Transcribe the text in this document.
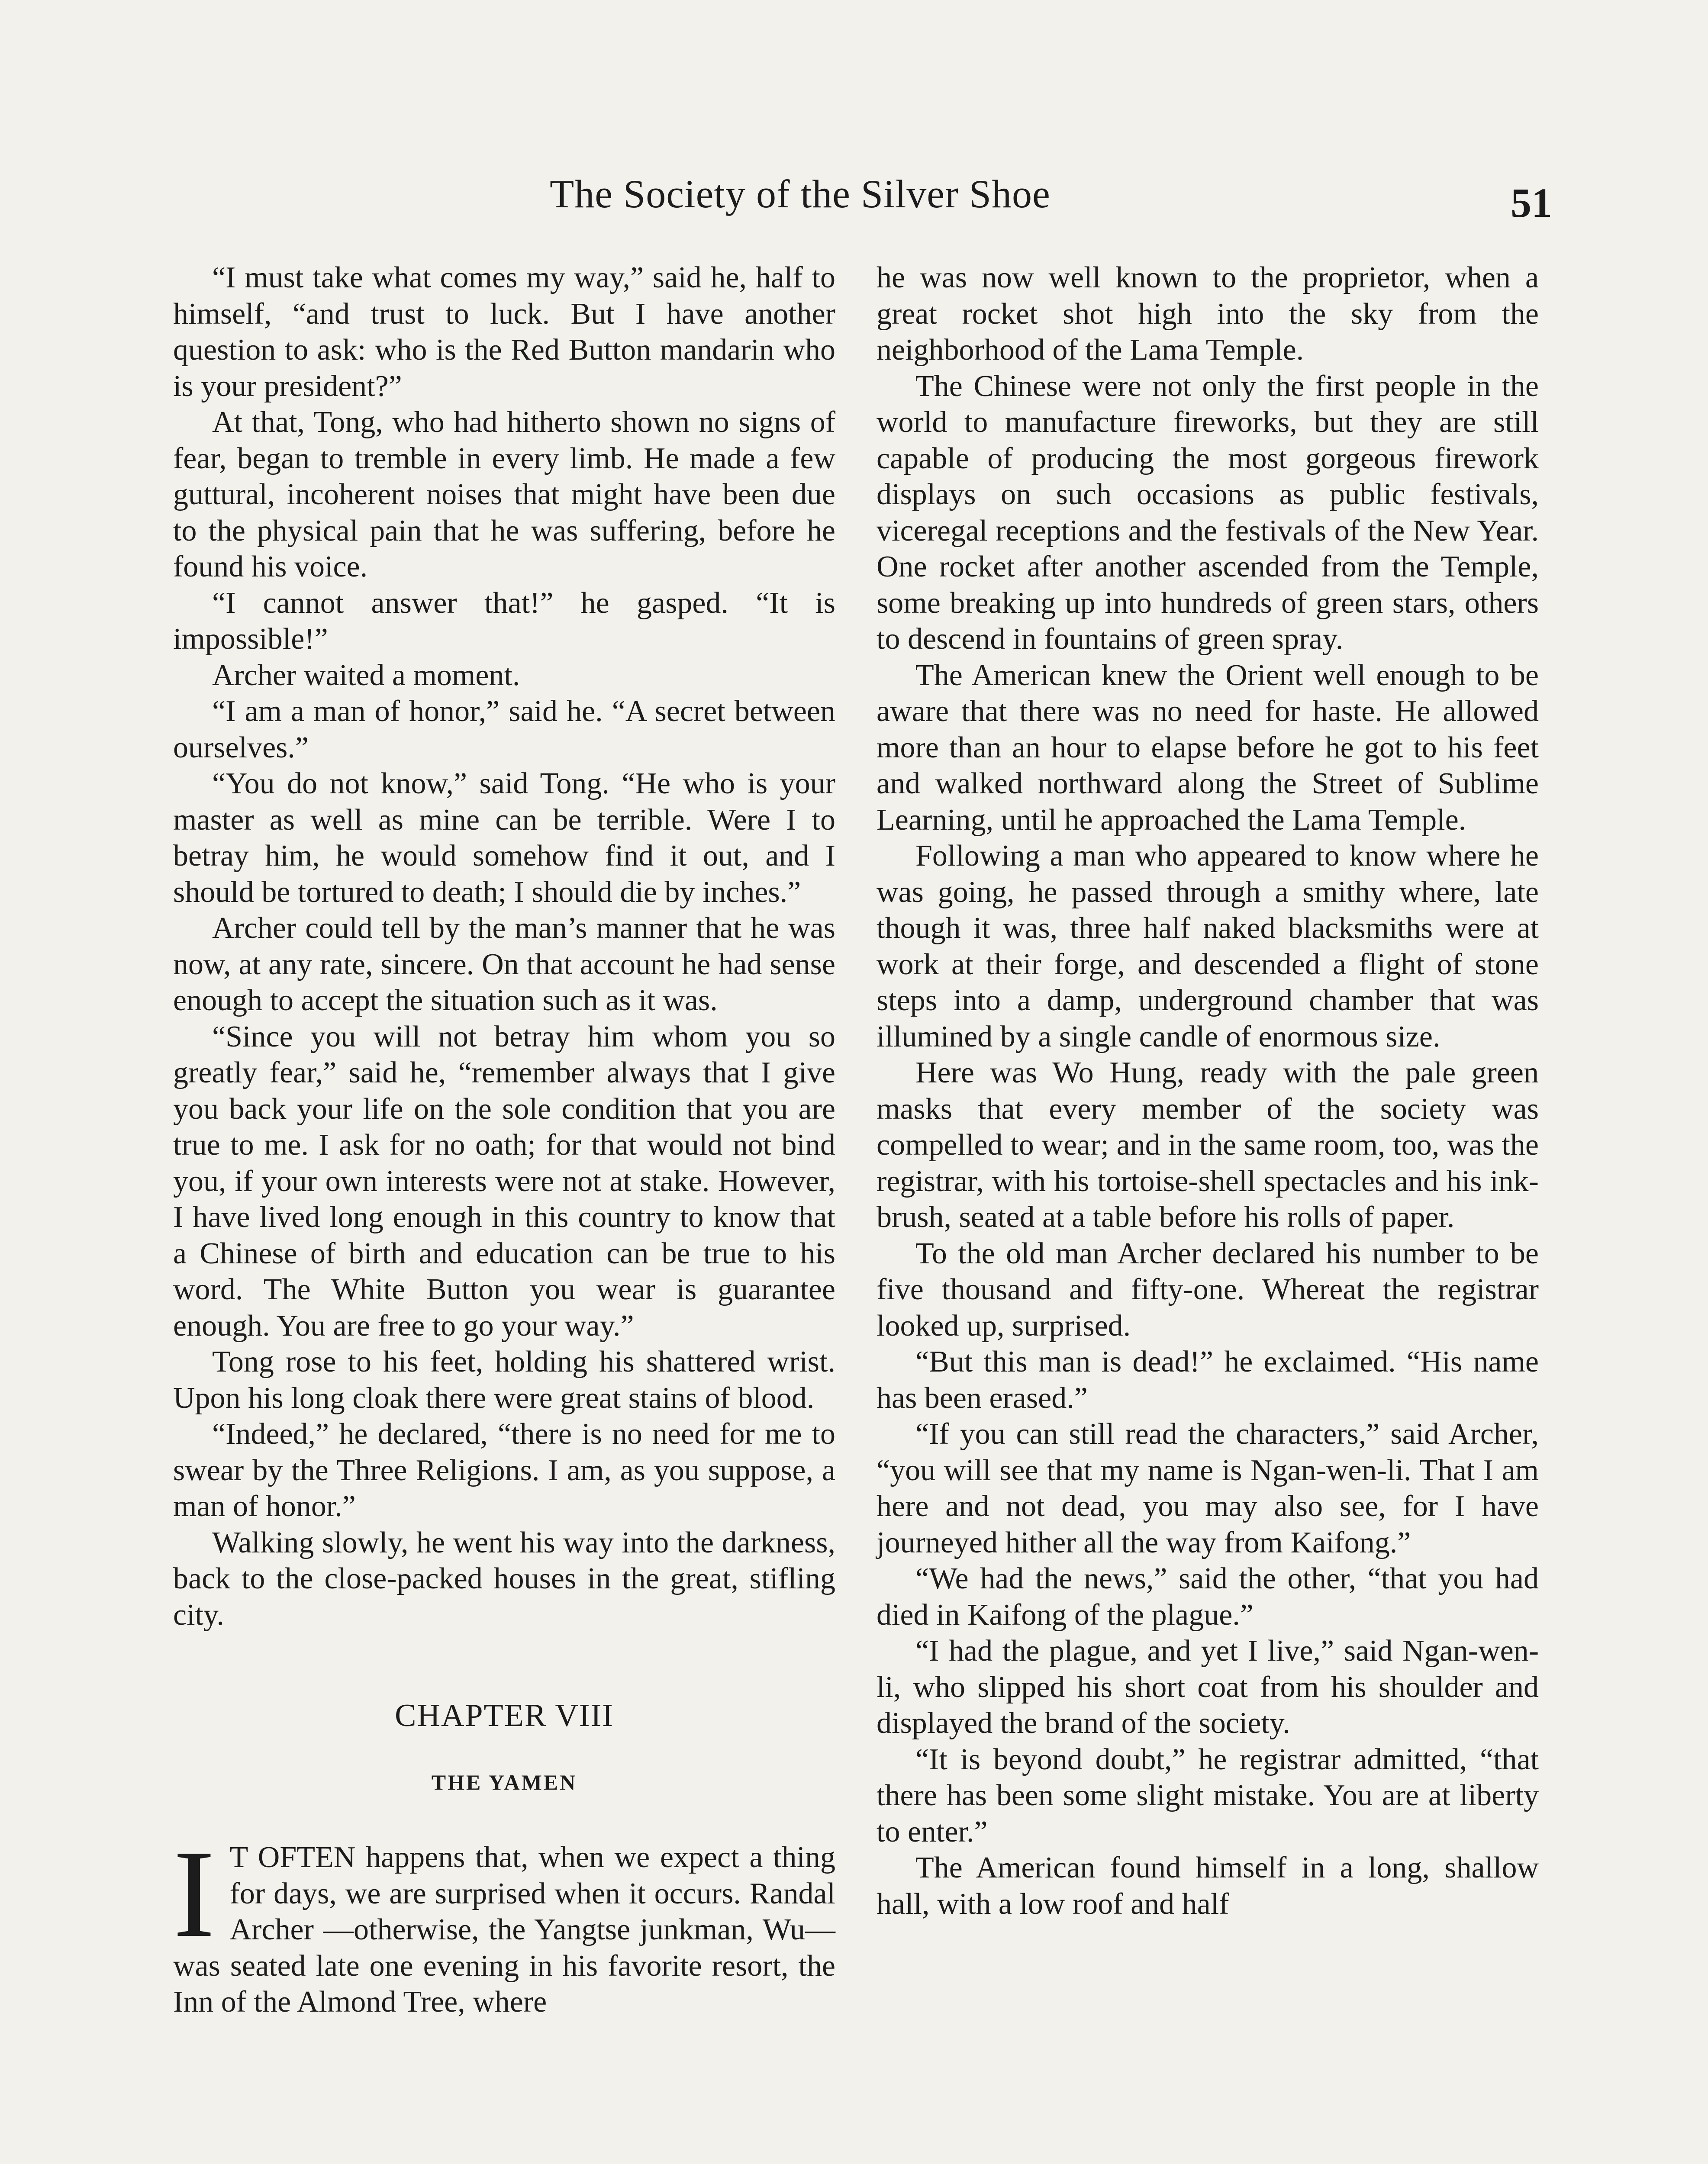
The Society of the Silver Shoe	51

“I must take what comes my way,” said he, half to himself, “and trust to luck. But I have another question to ask: who is the Red Button mandarin who is your president?”

At that, Tong, who had hitherto shown no signs of fear, began to tremble in every limb. He made a few guttural, incoherent noises that might have been due to the physical pain that he was suffering, before he found his voice.

“I cannot answer that!” he gasped. “It is impossible!”

Archer waited a moment.

“I am a man of honor,” said he. “A secret between ourselves.”

“You do not know,” said Tong. “He who is your master as well as mine can be terrible. Were I to betray him, he would somehow find it out, and I should be tortured to death; I should die by inches.”

Archer could tell by the man’s manner that he was now, at any rate, sincere. On that account he had sense enough to accept the situation such as it was.

“Since you will not betray him whom you so greatly fear,” said he, “remember always that I give you back your life on the sole condition that you are true to me. I ask for no oath; for that would not bind you, if your own interests were not at stake. However, I have lived long enough in this country to know that a Chinese of birth and education can be true to his word. The White Button you wear is guarantee enough. You are free to go your way.”

Tong rose to his feet, holding his shattered wrist. Upon his long cloak there were great stains of blood.

“Indeed,” he declared, “there is no need for me to swear by the Three Religions. I am, as you suppose, a man of honor.”

Walking slowly, he went his way into the darkness, back to the close-packed houses in the great, stifling city.

CHAPTER VIII
THE YAMEN

I T OFTEN happens that, when we expect a thing for days, we are surprised when it occurs. Randal Archer —otherwise, the Yangtse junkman, Wu—was seated late one evening in his favorite resort, the Inn of the Almond Tree, where

he was now well known to the proprietor, when a great rocket shot high into the sky from the neighborhood of the Lama Temple.

The Chinese were not only the first people in the world to manufacture fireworks, but they are still capable of producing the most gorgeous firework displays on such occasions as public festivals, viceregal receptions and the festivals of the New Year. One rocket after another ascended from the Temple, some breaking up into hundreds of green stars, others to descend in fountains of green spray.

The American knew the Orient well enough to be aware that there was no need for haste. He allowed more than an hour to elapse before he got to his feet and walked northward along the Street of Sublime Learning, until he approached the Lama Temple.

Following a man who appeared to know where he was going, he passed through a smithy where, late though it was, three half naked blacksmiths were at work at their forge, and descended a flight of stone steps into a damp, underground chamber that was illumined by a single candle of enormous size.

Here was Wo Hung, ready with the pale green masks that every member of the society was compelled to wear; and in the same room, too, was the registrar, with his tortoise-shell spectacles and his ink-brush, seated at a table before his rolls of paper.

To the old man Archer declared his number to be five thousand and fifty-one. Whereat the registrar looked up, surprised.

“But this man is dead!” he exclaimed. “His name has been erased.”

“If you can still read the characters,” said Archer, “you will see that my name is Ngan-wen-li. That I am here and not dead, you may also see, for I have journeyed hither all the way from Kaifong.”

“We had the news,” said the other, “that you had died in Kaifong of the plague.”

“I had the plague, and yet I live,” said Ngan-wen-li, who slipped his short coat from his shoulder and displayed the brand of the society.

“It is beyond doubt,” he registrar admitted, “that there has been some slight mistake. You are at liberty to enter.”

The American found himself in a long, shallow hall, with a low roof and half
